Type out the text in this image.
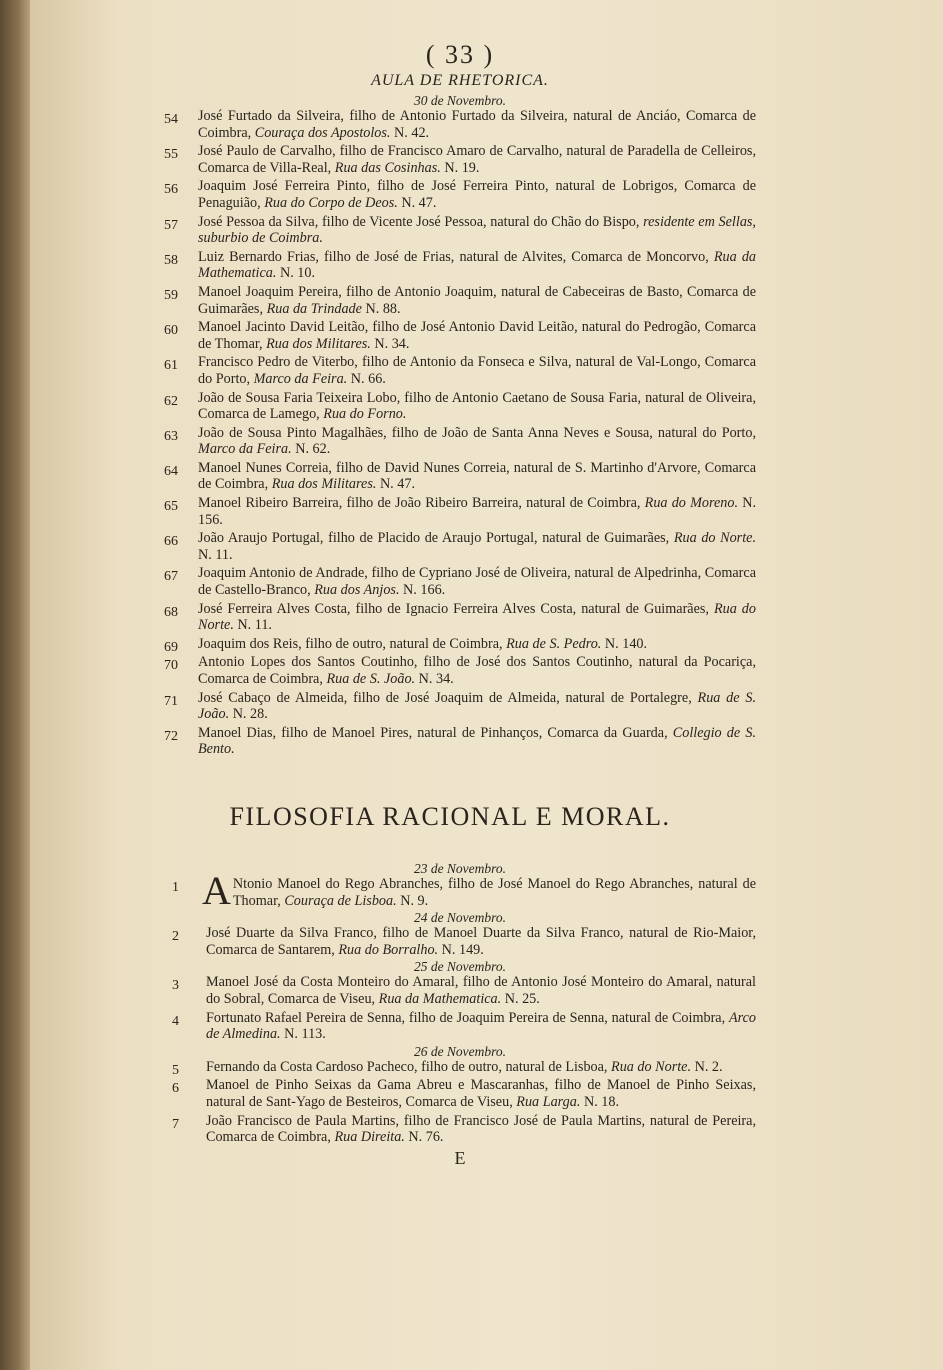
( 33 )
AULA DE RHETORICA.
30 de Novembro.
54	José Furtado da Silveira, filho de Antonio Furtado da Silveira, natural de Anciáo, Comarca de Coimbra, Couraça dos Apostolos. N. 42.
55	José Paulo de Carvalho, filho de Francisco Amaro de Carvalho, natural de Paradella de Celleiros, Comarca de Villa-Real, Rua das Cosinhas. N. 19.
56	Joaquim José Ferreira Pinto, filho de José Ferreira Pinto, natural de Lobrigos, Comarca de Penaguião, Rua do Corpo de Deos. N. 47.
57	José Pessoa da Silva, filho de Vicente José Pessoa, natural do Chão do Bispo, residente em Sellas, suburbio de Coimbra.
58	Luiz Bernardo Frias, filho de José de Frias, natural de Alvites, Comarca de Moncorvo, Rua da Mathematica. N. 10.
59	Manoel Joaquim Pereira, filho de Antonio Joaquim, natural de Cabeceiras de Basto, Comarca de Guimarães, Rua da Trindade N. 88.
60	Manoel Jacinto David Leitão, filho de José Antonio David Leitão, natural do Pedrogão, Comarca de Thomar, Rua dos Militares. N. 34.
61	Francisco Pedro de Viterbo, filho de Antonio da Fonseca e Silva, natural de Val-Longo, Comarca do Porto, Marco da Feira. N. 66.
62	João de Sousa Faria Teixeira Lobo, filho de Antonio Caetano de Sousa Faria, natural de Oliveira, Comarca de Lamego, Rua do Forno.
63	João de Sousa Pinto Magalhães, filho de João de Santa Anna Neves e Sousa, natural do Porto, Marco da Feira. N. 62.
64	Manoel Nunes Correia, filho de David Nunes Correia, natural de S. Martinho d'Arvore, Comarca de Coimbra, Rua dos Militares. N. 47.
65	Manoel Ribeiro Barreira, filho de João Ribeiro Barreira, natural de Coimbra, Rua do Moreno. N. 156.
66	João Araujo Portugal, filho de Placido de Araujo Portugal, natural de Guimarães, Rua do Norte. N. 11.
67	Joaquim Antonio de Andrade, filho de Cypriano José de Oliveira, natural de Alpedrinha, Comarca de Castello-Branco, Rua dos Anjos. N. 166.
68	José Ferreira Alves Costa, filho de Ignacio Ferreira Alves Costa, natural de Guimarães, Rua do Norte. N. 11.
69	Joaquim dos Reis, filho de outro, natural de Coimbra, Rua de S. Pedro. N. 140.
70	Antonio Lopes dos Santos Coutinho, filho de José dos Santos Coutinho, natural da Pocariça, Comarca de Coimbra, Rua de S. João. N. 34.
71	José Cabaço de Almeida, filho de José Joaquim de Almeida, natural de Portalegre, Rua de S. João. N. 28.
72	Manoel Dias, filho de Manoel Pires, natural de Pinhanços, Comarca da Guarda, Collegio de S. Bento.
FILOSOFIA RACIONAL E MORAL.
23 de Novembro.
1 A Ntonio Manoel do Rego Abranches, filho de José Manoel do Rego Abranches, natural de Thomar, Couraça de Lisboa. N. 9.
24 de Novembro.
2	José Duarte da Silva Franco, filho de Manoel Duarte da Silva Franco, natural de Rio-Maior, Comarca de Santarem, Rua do Borralho. N. 149.
25 de Novembro.
3	Manoel José da Costa Monteiro do Amaral, filho de Antonio José Monteiro do Amaral, natural do Sobral, Comarca de Viseu, Rua da Mathematica. N. 25.
4	Fortunato Rafael Pereira de Senna, filho de Joaquim Pereira de Senna, natural de Coimbra, Arco de Almedina. N. 113.
26 de Novembro.
5	Fernando da Costa Cardoso Pacheco, filho de outro, natural de Lisboa, Rua do Norte. N. 2.
6	Manoel de Pinho Seixas da Gama Abreu e Mascaranhas, filho de Manoel de Pinho Seixas, natural de Sant-Yago de Besteiros, Comarca de Viseu, Rua Larga. N. 18.
7	João Francisco de Paula Martins, filho de Francisco José de Paula Martins, natural de Pereira, Comarca de Coimbra, Rua Direita. N. 76.
E
